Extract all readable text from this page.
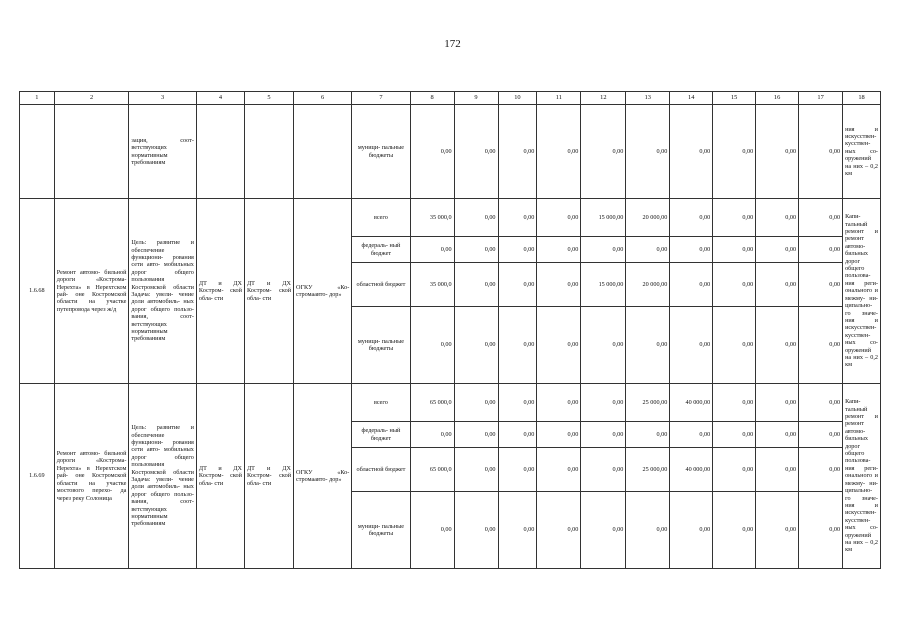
172
1	2	3	4	5	6	7	8	9	10	11	12	13	14	15	16	17	18
		зация, соот- ветствующих нормативным требованиям				муници- пальные бюджеты	0,00	0,00	0,00	0,00	0,00	0,00	0,00	0,00	0,00	0,00	ния и искусствен- кусствен- ных со- оружений на них – 0,2 км
1.6.68	Ремонт автомо- бильной дороги «Кострома- Нерехта» в Нерехтском рай- оне Костромской области на участке путепровода через ж/д	Цель: развитие и обеспечение функциони- рования сети авто- мобильных дорог общего пользования Костромской области Задача: увели- чение доли автомобиль- ных дорог общего пользо- вания, соот- ветствующих нормативным требованиям	ДТ и ДХ Костром- ской обла- сти	ДТ и ДХ Костром- ской обла- сти	ОГКУ «Ко- стромаавто- дор»	всего	35 000,0	0,00	0,00	0,00	15 000,00	20 000,00	0,00	0,00	0,00	0,00	Капи- тальный ремонт и ремонт автомо- бильных дорог общего пользова- ния реги- онального и межму- ни- ципально- го значе- ния и искусствен- кусствен- ных со- оружений на них – 0,2 км
						федераль- ный бюджет	0,00	0,00	0,00	0,00	0,00	0,00	0,00	0,00	0,00	0,00	
						областной бюджет	35 000,0	0,00	0,00	0,00	15 000,00	20 000,00	0,00	0,00	0,00	0,00	
						муници- пальные бюджеты	0,00	0,00	0,00	0,00	0,00	0,00	0,00	0,00	0,00	0,00	
1.6.69	Ремонт автомо- бильной дороги «Кострома- Нерехта» в Нерехтском рай- оне Костромской области на участке мостового перехо- да через реку Солоница	Цель: развитие и обеспечение функциони- рования сети авто- мобильных дорог общего пользования Костромской области Задача: увели- чение доли автомобиль- ных дорог общего пользо- вания, соот- ветствующих нормативным требованиям	ДТ и ДХ Костром- ской обла- сти	ДТ и ДХ Костром- ской обла- сти	ОГКУ «Ко- стромаавто- дор»	всего	65 000,0	0,00	0,00	0,00	0,00	25 000,00	40 000,00	0,00	0,00	0,00	Капи- тальный ремонт и ремонт автомо- бильных дорог общего пользова- ния реги- онального и межму- ни- ципально- го значе- ния и искусствен- кусствен- ных со- оружений на них – 0,2 км
						федераль- ный бюджет	0,00	0,00	0,00	0,00	0,00	0,00	0,00	0,00	0,00	0,00	
						областной бюджет	65 000,0	0,00	0,00	0,00	0,00	25 000,00	40 000,00	0,00	0,00	0,00	
						муници- пальные бюджеты	0,00	0,00	0,00	0,00	0,00	0,00	0,00	0,00	0,00	0,00	
